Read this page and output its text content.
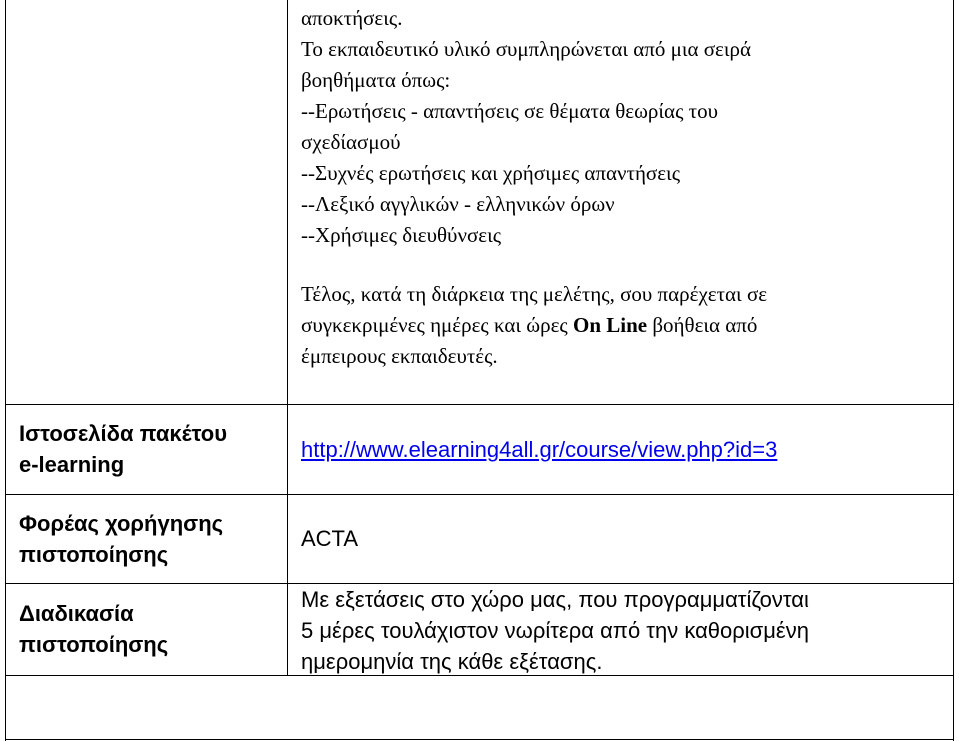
αποκτήσεις.
Το εκπαιδευτικό υλικό συμπληρώνεται από μια σειρά
βοηθήματα όπως:
--Ερωτήσεις - απαντήσεις σε θέματα θεωρίας του
σχεδίασμού
--Συχνές ερωτήσεις και χρήσιμες απαντήσεις
--Λεξικό αγγλικών - ελληνικών όρων
--Χρήσιμες διευθύνσεις
Τέλος, κατά τη διάρκεια της μελέτης, σου παρέχεται σε
συγκεκριμένες ημέρες και ώρες On Line βοήθεια από
έμπειρους εκπαιδευτές.
Ιστοσελίδα πακέτου
e-learning
http://www.elearning4all.gr/course/view.php?id=3
Φορέας χορήγησης
πιστοποίησης
ACTA
Διαδικασία
πιστοποίησης
Με εξετάσεις στο χώρο μας, που προγραμματίζονται
5 μέρες τουλάχιστον νωρίτερα από την καθορισμένη
ημερομηνία της κάθε εξέτασης.
